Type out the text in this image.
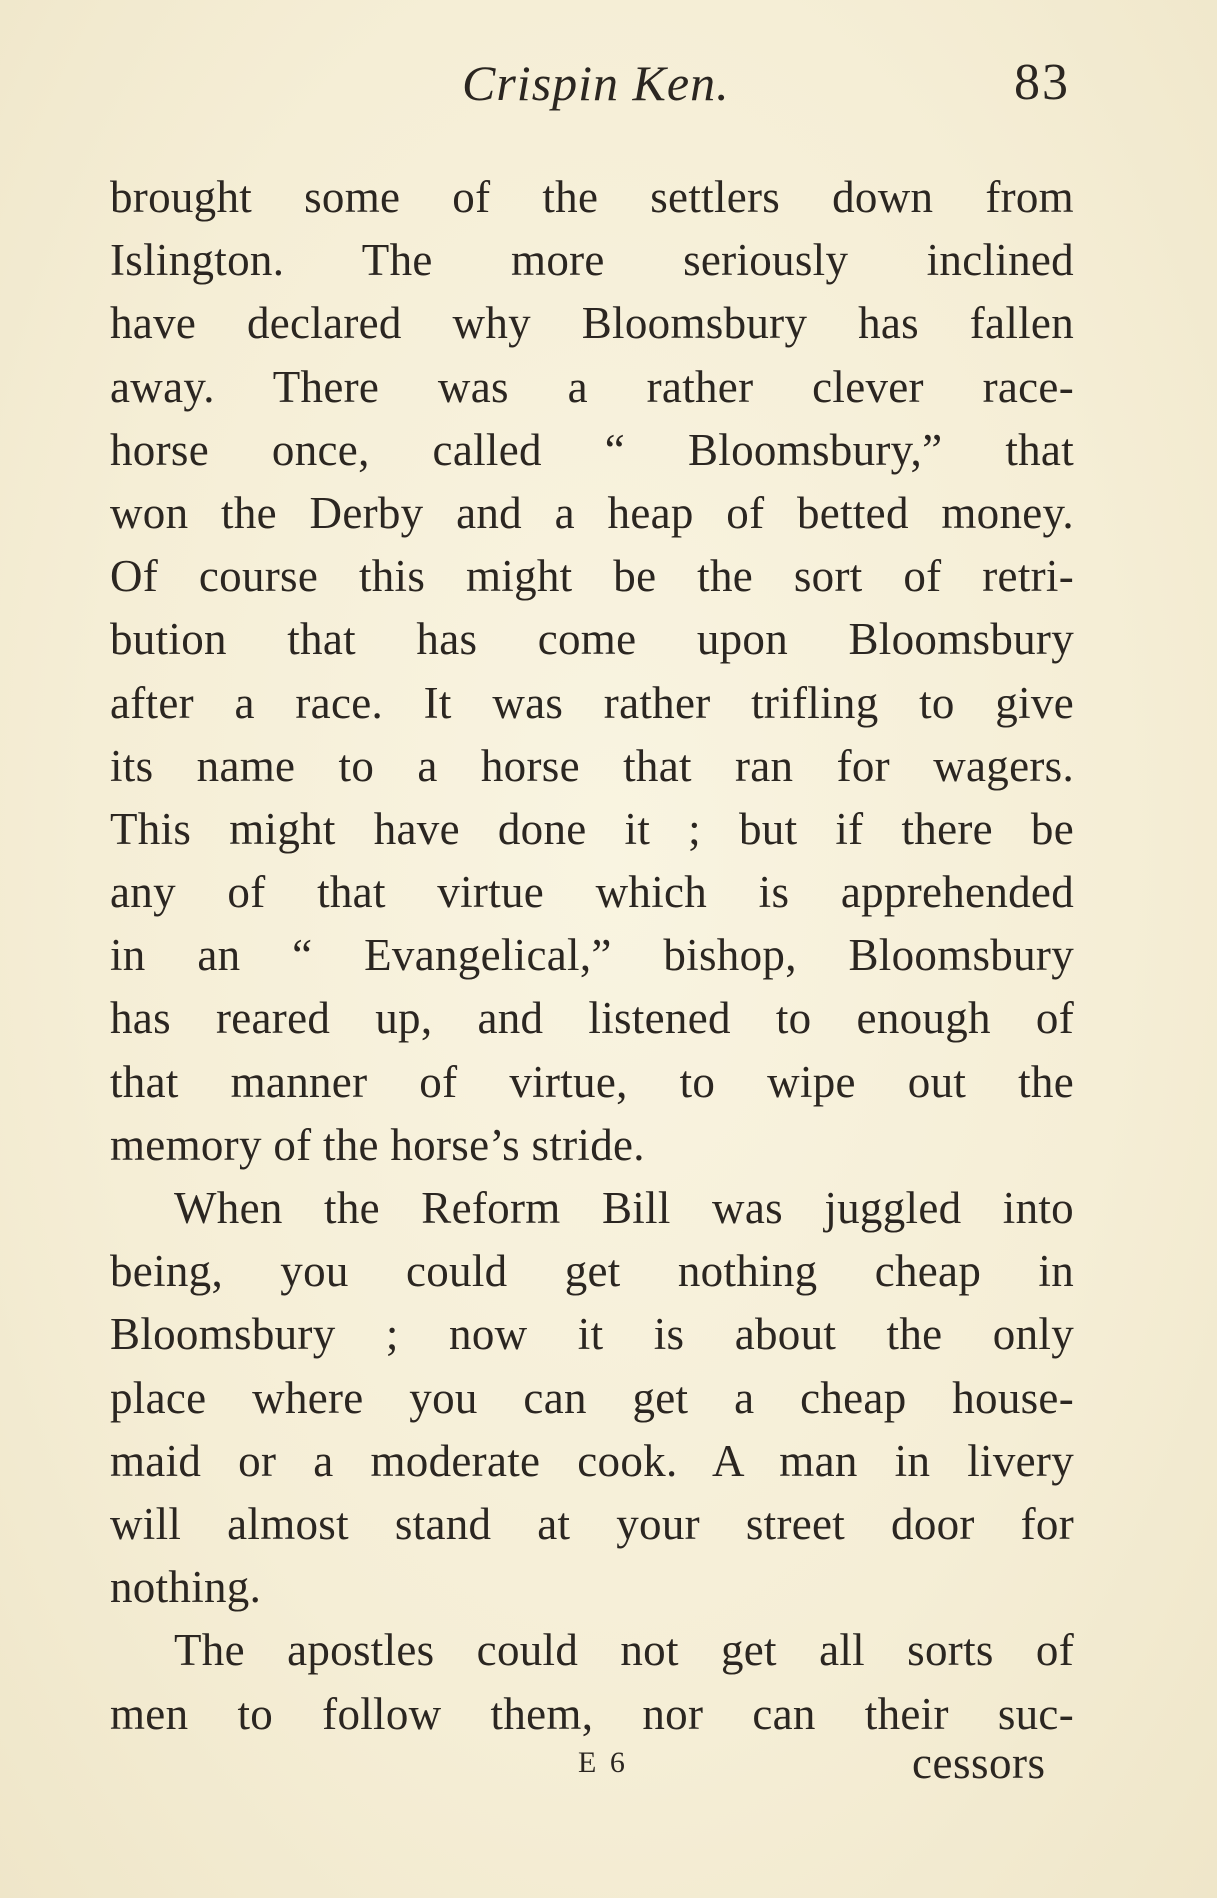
Crispin Ken.	83
brought some of the settlers down from
Islington. The more seriously inclined
have declared why Bloomsbury has fallen
away. There was a rather clever race-
horse once, called “ Bloomsbury,” that
won the Derby and a heap of betted money.
Of course this might be the sort of retri-
bution that has come upon Bloomsbury
after a race. It was rather trifling to give
its name to a horse that ran for wagers.
This might have done it ; but if there be
any of that virtue which is apprehended
in an “ Evangelical,” bishop, Bloomsbury
has reared up, and listened to enough of
that manner of virtue, to wipe out the
memory of the horse’s stride.
When the Reform Bill was juggled into
being, you could get nothing cheap in
Bloomsbury ; now it is about the only
place where you can get a cheap house-
maid or a moderate cook. A man in livery
will almost stand at your street door for
nothing.
The apostles could not get all sorts of
men to follow them, nor can their suc-
E 6	cessors
